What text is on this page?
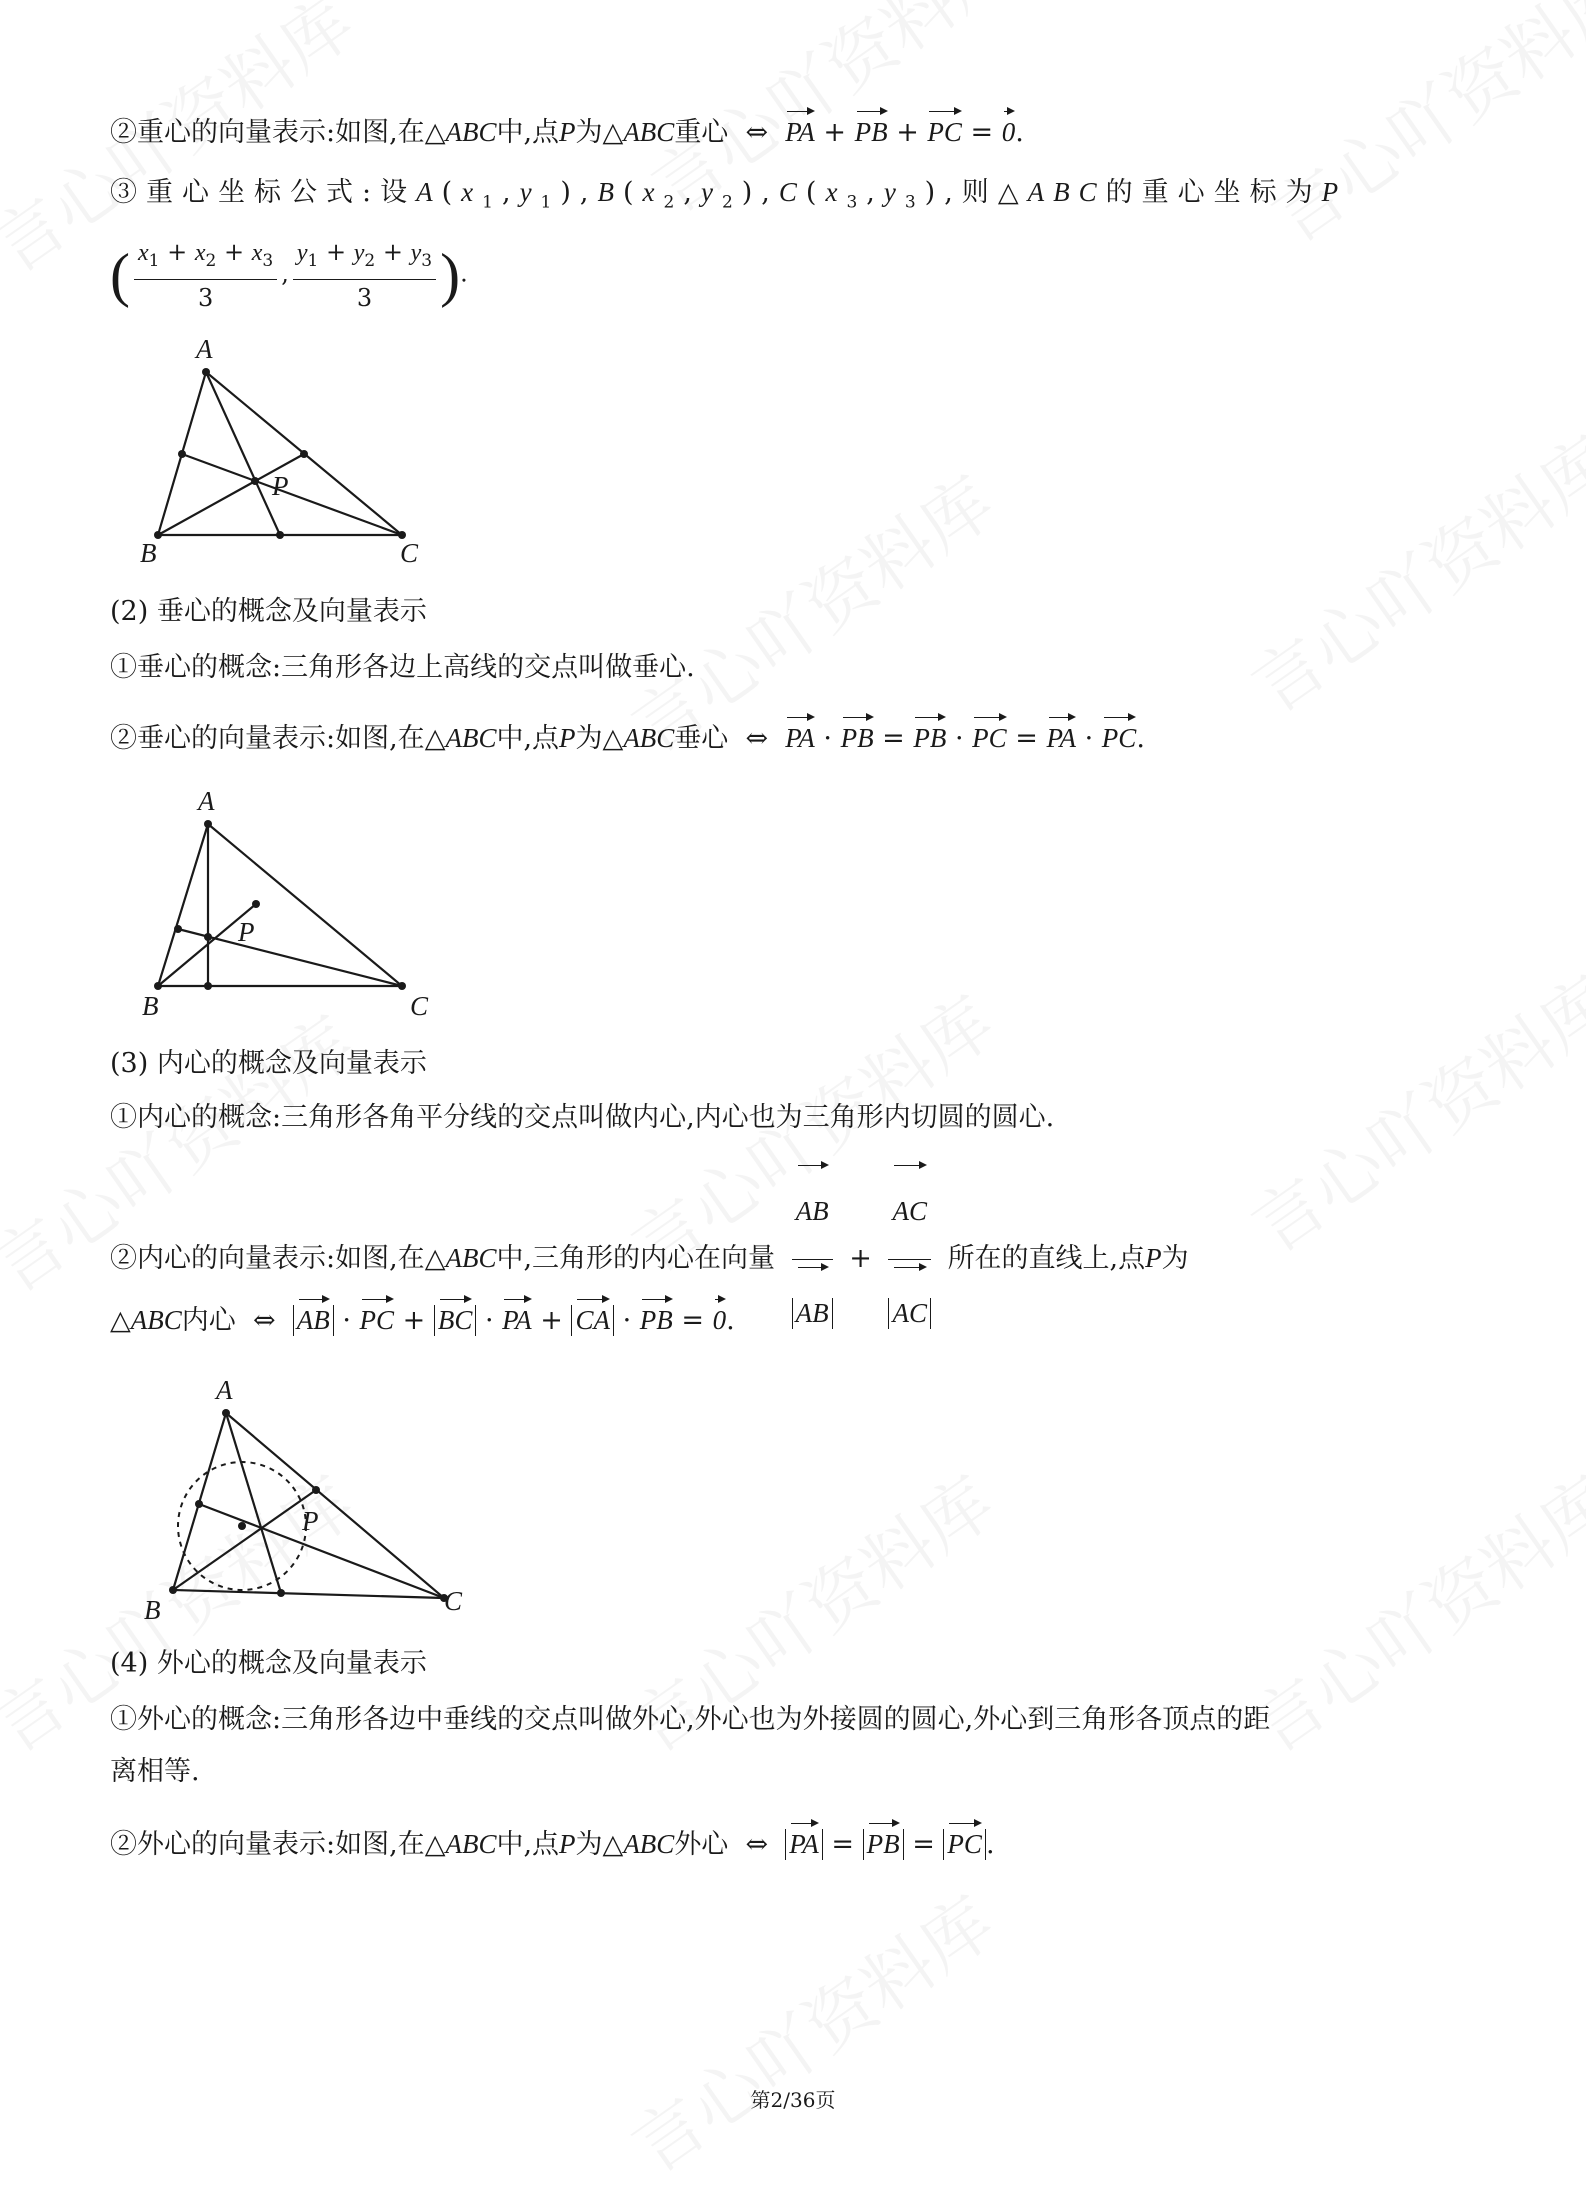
②重心的向量表示:如图,在△ABC中,点P为△ABC重心 ⇔ PA + PB + PC = 0.
③重心坐标公式:设$A(x_1,y_1),B(x_2,y_2),C(x_3,y_3)$,则△ABC的重心坐标为P
( $\frac{x_1 + x_2 + x_3}{3}$ , $\frac{y_1 + y_2 + y_3}{3}$ ).
A
B	C
P
(2) 垂心的概念及向量表示
①垂心的概念:三角形各边上高线的交点叫做垂心.
②垂心的向量表示:如图,在△ABC中,点P为△ABC垂心 ⇔ PA · PB = PB · PC = PA · PC.
A
B	C
P
(3) 内心的概念及向量表示
①内心的概念:三角形各角平分线的交点叫做内心,内心也为三角形内切圆的圆心.
②内心的向量表示:如图,在△ABC中,三角形的内心在向量 $\frac{AB}{AB} + \frac{AC}{AC}$ 所在的直线上,点P为
△ABC内心 ⇔ AB · PC + BC · PA + CA · PB = 0.
A
B	C
P
(4) 外心的概念及向量表示
①外心的概念:三角形各边中垂线的交点叫做外心,外心也为外接圆的圆心,外心到三角形各顶点的距
离相等.
②外心的向量表示:如图,在△ABC中,点P为△ABC外心 ⇔ PA = PB = PC .
第2/36页
